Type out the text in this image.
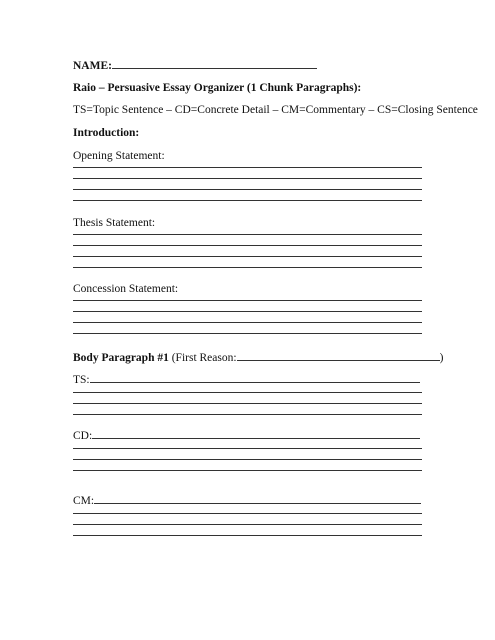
NAME:
Raio – Persuasive Essay Organizer (1 Chunk Paragraphs):
TS=Topic Sentence – CD=Concrete Detail – CM=Commentary – CS=Closing Sentence
Introduction:
Opening Statement:
Thesis Statement:
Concession Statement:
Body Paragraph #1 (First Reason:	)
TS:
CD:
CM:
